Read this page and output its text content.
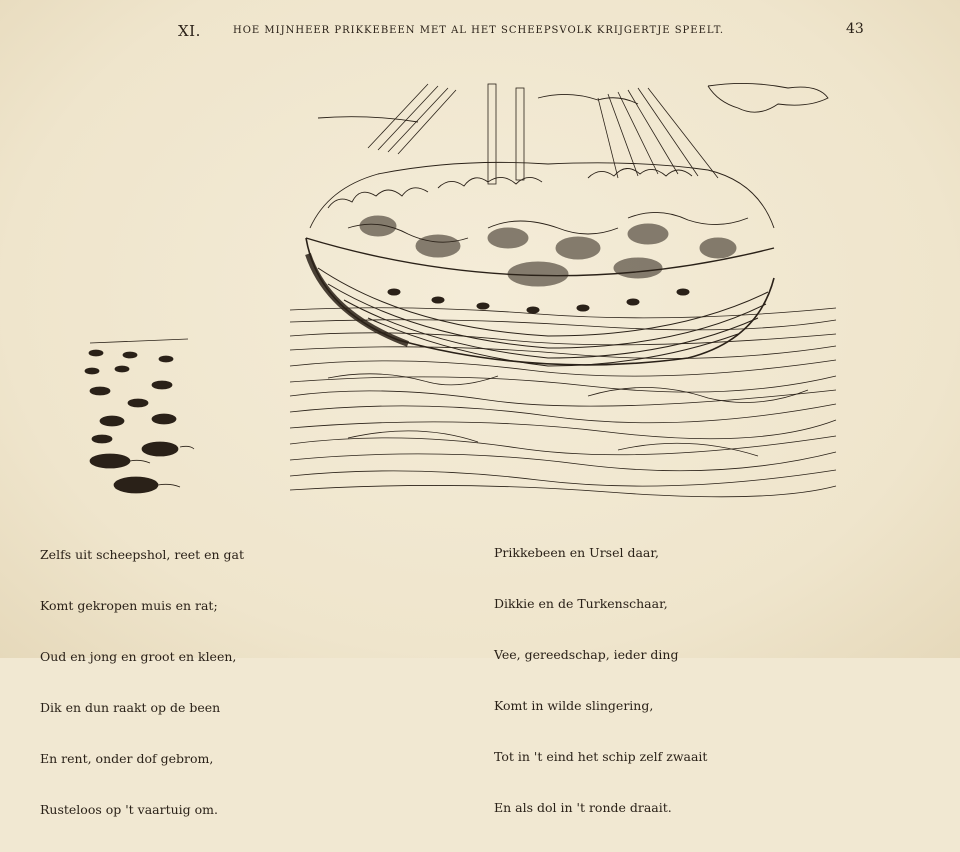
XI.	HOE MIJNHEER PRIKKEBEEN MET AL HET SCHEEPSVOLK KRIJGERTJE SPEELT.	43

Zelfs uit scheepshol, reet en gat

Komt gekropen muis en rat;

Oud en jong en groot en kleen,

Dik en dun raakt op de been

En rent, onder dof gebrom,

Rusteloos op 't vaartuig om.

Prikkebeen en Ursel daar,

Dikkie en de Turkenschaar,

Vee, gereedschap, ieder ding

Komt in wilde slingering,

Tot in 't eind het schip zelf zwaait

En als dol in 't ronde draait.
